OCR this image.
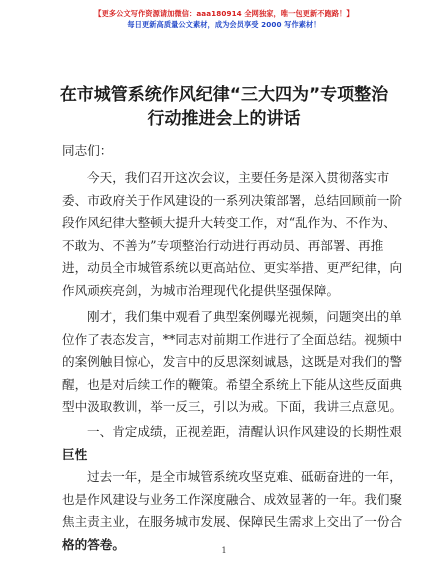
【更多公文写作资源请加微信：aaa180914 全网独家，唯一包更新不跑路！】
每日更新高质量公文素材，成为会员享受 2000 写作素材！
在市城管系统作风纪律“三大四为”专项整治
行动推进会上的讲话

同志们：

今天，我们召开这次会议，主要任务是深入贯彻落实市
委、市政府关于作风建设的一系列决策部署，总结回顾前一阶
段作风纪律大整顿大提升大转变工作，对“乱作为、不作为、
不敢为、不善为”专项整治行动进行再动员、再部署、再推
进，动员全市城管系统以更高站位、更实举措、更严纪律，向
作风顽疾亮剑，为城市治理现代化提供坚强保障。

刚才，我们集中观看了典型案例曝光视频，问题突出的单
位作了表态发言，**同志对前期工作进行了全面总结。视频中
的案例触目惊心，发言中的反思深刻诚恳，这既是对我们的警
醒，也是对后续工作的鞭策。希望全系统上下能从这些反面典
型中汲取教训，举一反三，引以为戒。下面，我讲三点意见。

一、肯定成绩，正视差距，清醒认识作风建设的长期性艰
巨性

过去一年，是全市城管系统攻坚克难、砥砺奋进的一年，
也是作风建设与业务工作深度融合、成效显著的一年。我们聚
焦主责主业，在服务城市发展、保障民生需求上交出了一份合
格的答卷。	1
